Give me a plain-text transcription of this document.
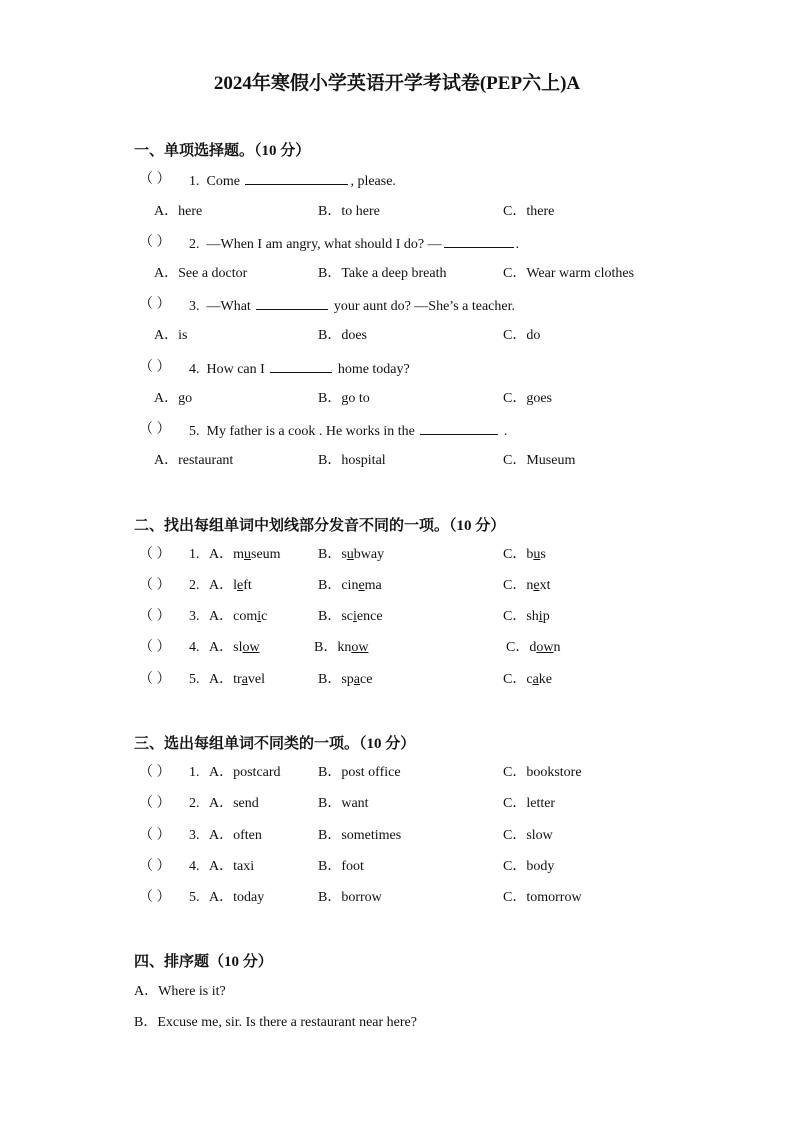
2024年寒假小学英语开学考试卷(PEP六上)A
一、单项选择题。（10 分）
（ ） 1. Come	, please.
A．here	B．to here	C．there
（ ） 2. —When I am angry, what should I do? —	.
A．See a doctor	B．Take a deep breath	C．Wear warm clothes
（ ） 3. —What	your aunt do? —She’s a teacher.
A．is	B．does	C．do
（ ） 4. How can I	home today?
A．go	B．go to	C．goes
（ ） 5. My father is a cook . He works in the	.
A．restaurant	B．hospital	C．Museum
二、找出每组单词中划线部分发音不同的一项。（10 分）
（ ） 1. A．museum	B．subway	C．bus
（ ） 2. A．left	B．cinema	C．next
（ ） 3. A．comic	B．science	C．ship
（ ） 4. A．slow	B．know	C．down
（ ） 5. A．travel	B．space	C．cake
三、选出每组单词不同类的一项。（10 分）
（ ） 1. A．postcard	B．post office	C．bookstore
（ ） 2. A．send	B．want	C．letter
（ ） 3. A．often	B．sometimes	C．slow
（ ） 4. A．taxi	B．foot	C．body
（ ） 5. A．today	B．borrow	C．tomorrow
四、排序题（10 分）
A．Where is it?
B．Excuse me, sir. Is there a restaurant near here?
